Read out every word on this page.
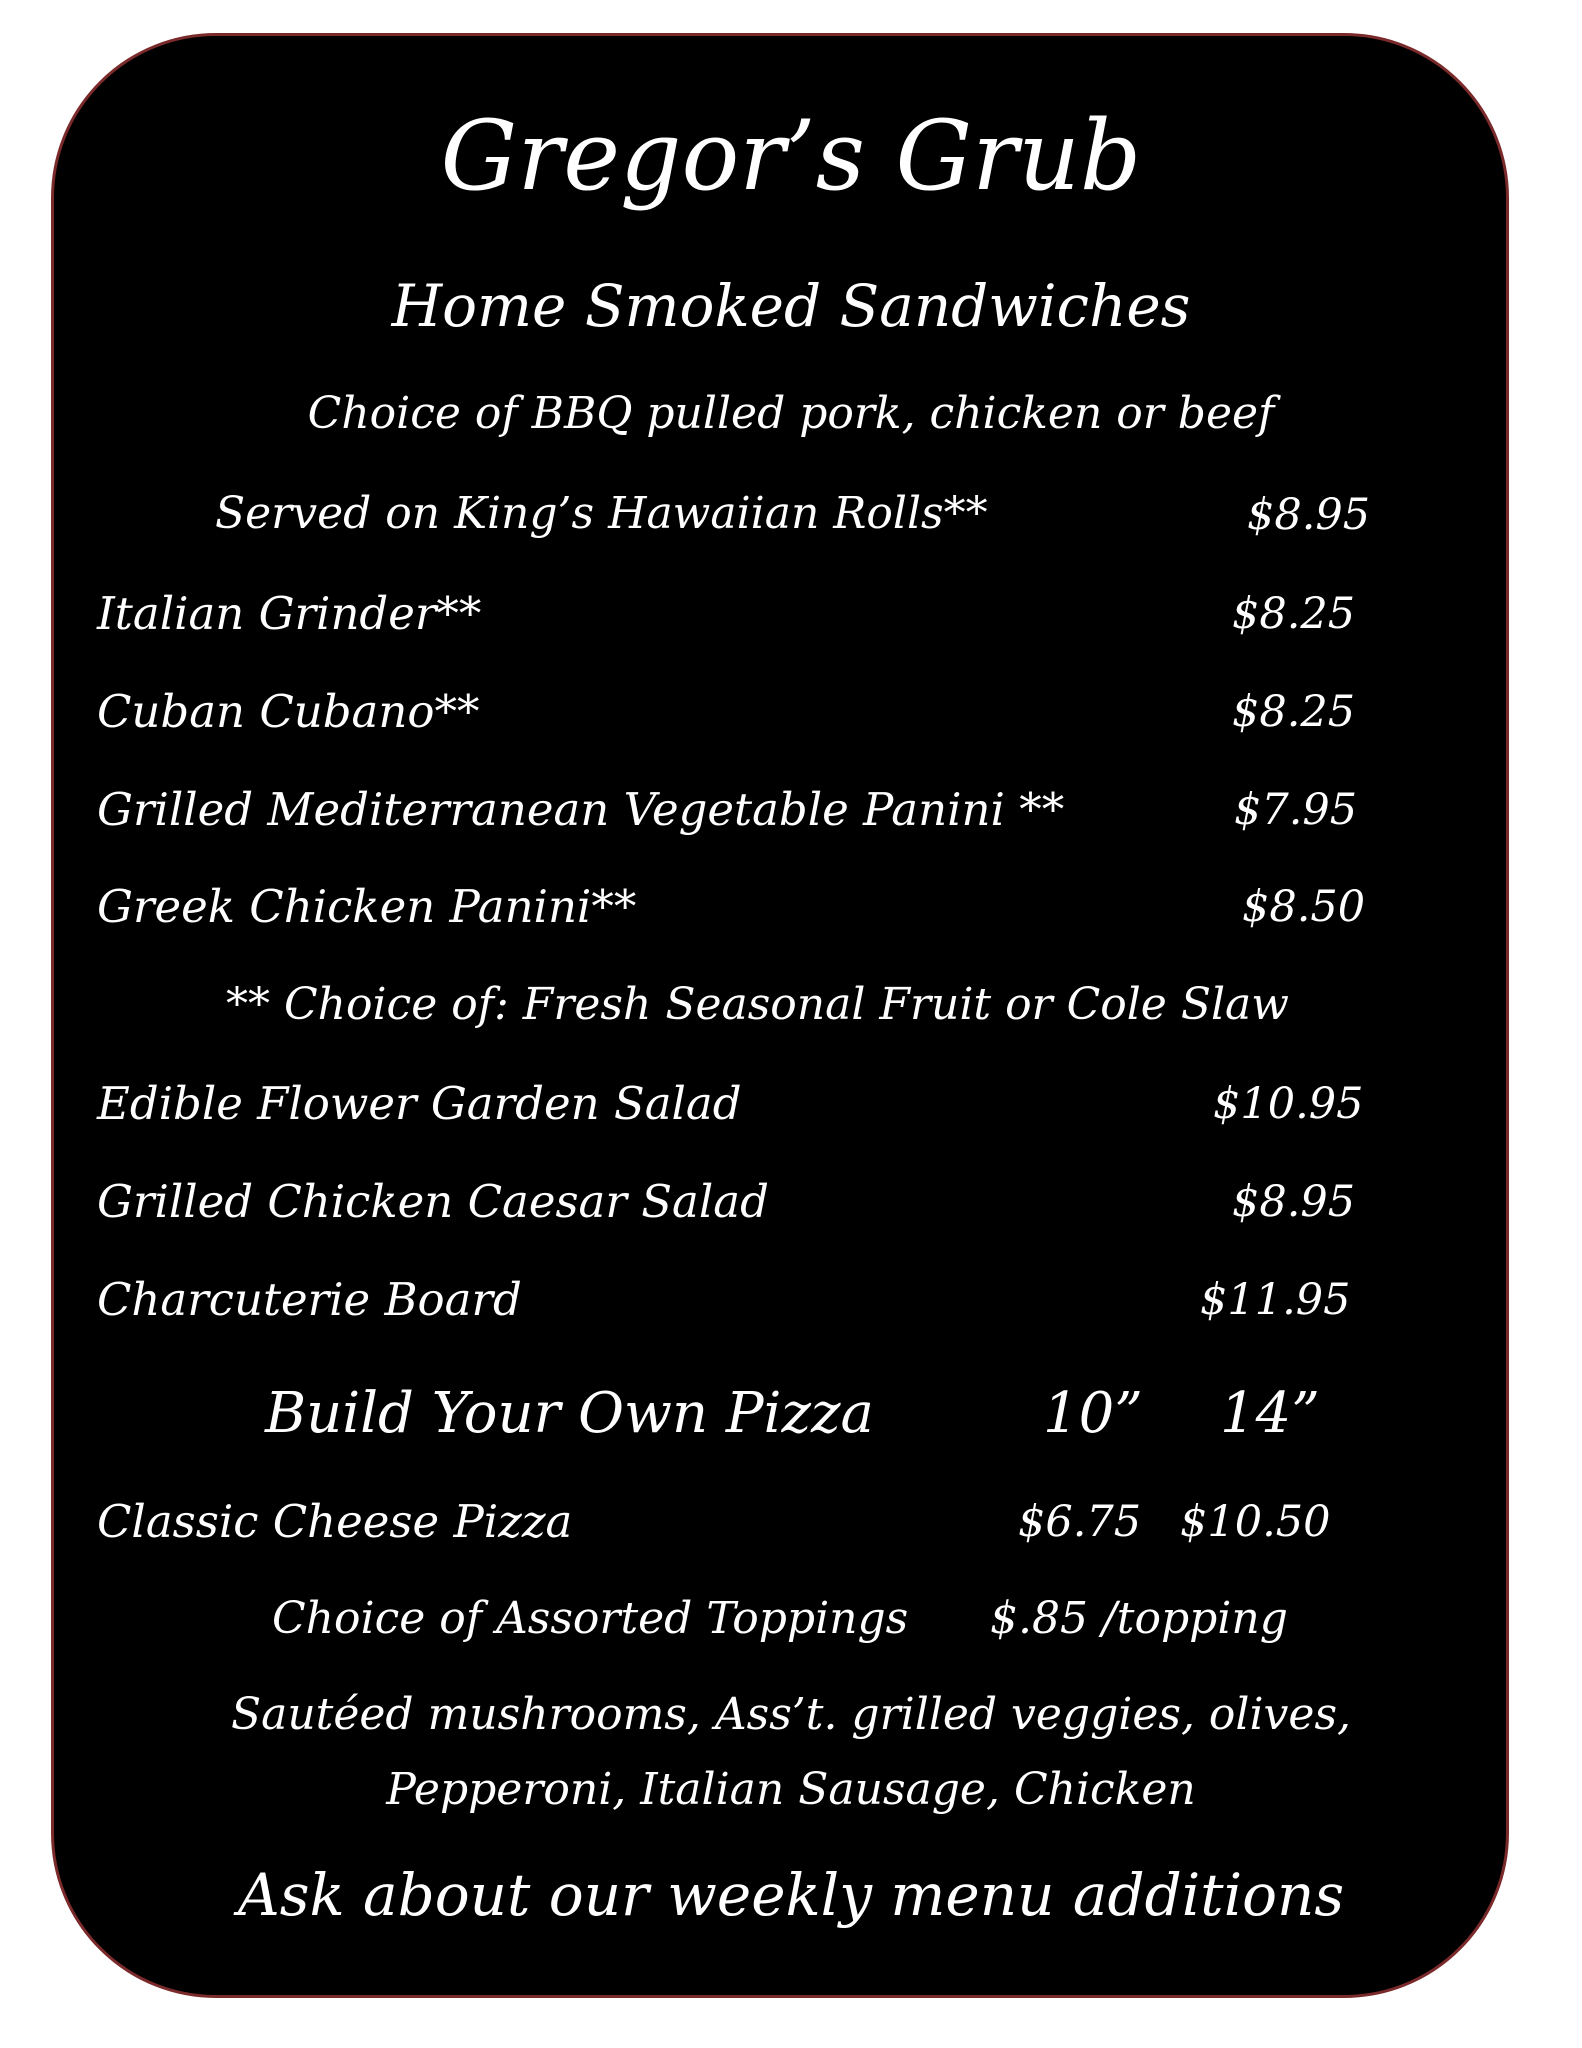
Gregor’s Grub
Home Smoked Sandwiches
Choice of BBQ pulled pork, chicken or beef
Served on King’s Hawaiian Rolls**	$8.95
Italian Grinder**	$8.25
Cuban Cubano**	$8.25
Grilled Mediterranean Vegetable Panini **	$7.95
Greek Chicken Panini**	$8.50
** Choice of: Fresh Seasonal Fruit or Cole Slaw
Edible Flower Garden Salad	$10.95
Grilled Chicken Caesar Salad	$8.95
Charcuterie Board	$11.95
Build Your Own Pizza	10” 14”
Classic Cheese Pizza	$6.75 $10.50
Choice of Assorted Toppings $.85 /topping
Sautéed mushrooms, Ass’t. grilled veggies, olives,
Pepperoni, Italian Sausage, Chicken
Ask about our weekly menu additions
